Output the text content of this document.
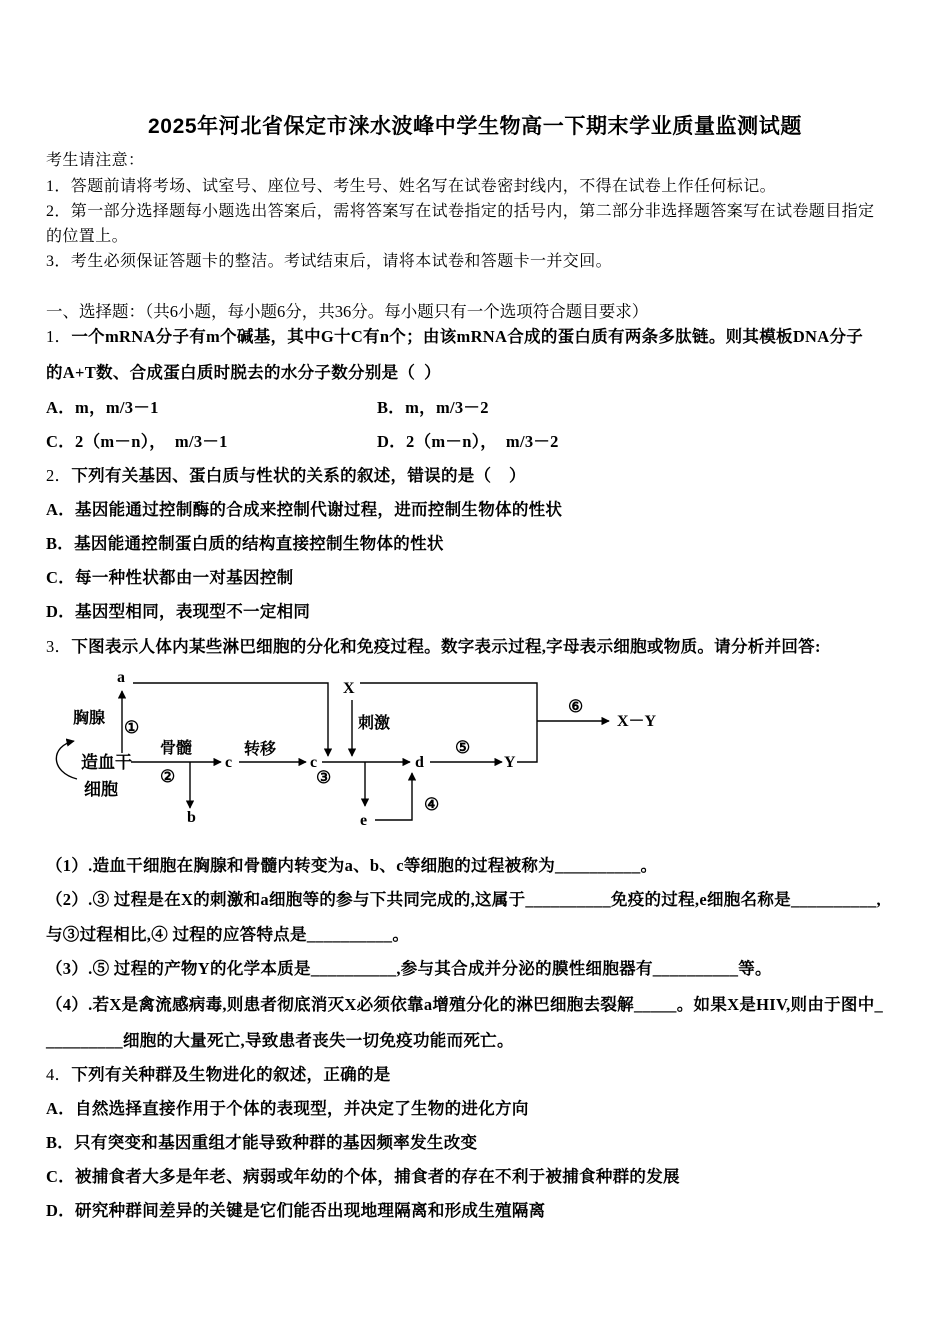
2025年河北省保定市涞水波峰中学生物高一下期末学业质量监测试题
考生请注意：
1．答题前请将考场、试室号、座位号、考生号、姓名写在试卷密封线内，不得在试卷上作任何标记。
2．第一部分选择题每小题选出答案后，需将答案写在试卷指定的括号内，第二部分非选择题答案写在试卷题目指定
的位置上。
3．考生必须保证答题卡的整洁。考试结束后，请将本试卷和答题卡一并交回。
一、选择题：（共6小题，每小题6分，共36分。每小题只有一个选项符合题目要求）
1．一个mRNA分子有m个碱基，其中G十C有n个；由该mRNA合成的蛋白质有两条多肽链。则其模板DNA分子
的A+T数、合成蛋白质时脱去的水分子数分别是（  ）
A．m，m/3－1	B．m，m/3－2
C．2（m－n），  m/3－1	D．2（m－n），  m/3－2
2．下列有关基因、蛋白质与性状的关系的叙述，错误的是（    ）
A．基因能通过控制酶的合成来控制代谢过程，进而控制生物体的性状
B．基因能通控制蛋白质的结构直接控制生物体的性状
C．每一种性状都由一对基因控制
D．基因型相同，表现型不一定相同
3．下图表示人体内某些淋巴细胞的分化和免疫过程。数字表示过程,字母表示细胞或物质。请分析并回答:
a
胸腺 ①
造血干
细胞
骨髓
②
b
c
转移
c
③
X
刺激
d
e
④
⑤
Y
⑥
X－Y
（1）.造血干细胞在胸腺和骨髓内转变为a、b、c等细胞的过程被称为__________。
（2）.③ 过程是在X的刺激和a细胞等的参与下共同完成的,这属于__________免疫的过程,e细胞名称是__________,
与③过程相比,④ 过程的应答特点是__________。
（3）.⑤ 过程的产物Y的化学本质是__________,参与其合成并分泌的膜性细胞器有__________等。
（4）.若X是禽流感病毒,则患者彻底消灭X必须依靠a增殖分化的淋巴细胞去裂解_____。如果X是HIV,则由于图中_
_________细胞的大量死亡,导致患者丧失一切免疫功能而死亡。
4．下列有关种群及生物进化的叙述，正确的是
A．自然选择直接作用于个体的表现型，并决定了生物的进化方向
B．只有突变和基因重组才能导致种群的基因频率发生改变
C．被捕食者大多是年老、病弱或年幼的个体，捕食者的存在不利于被捕食种群的发展
D．研究种群间差异的关键是它们能否出现地理隔离和形成生殖隔离
